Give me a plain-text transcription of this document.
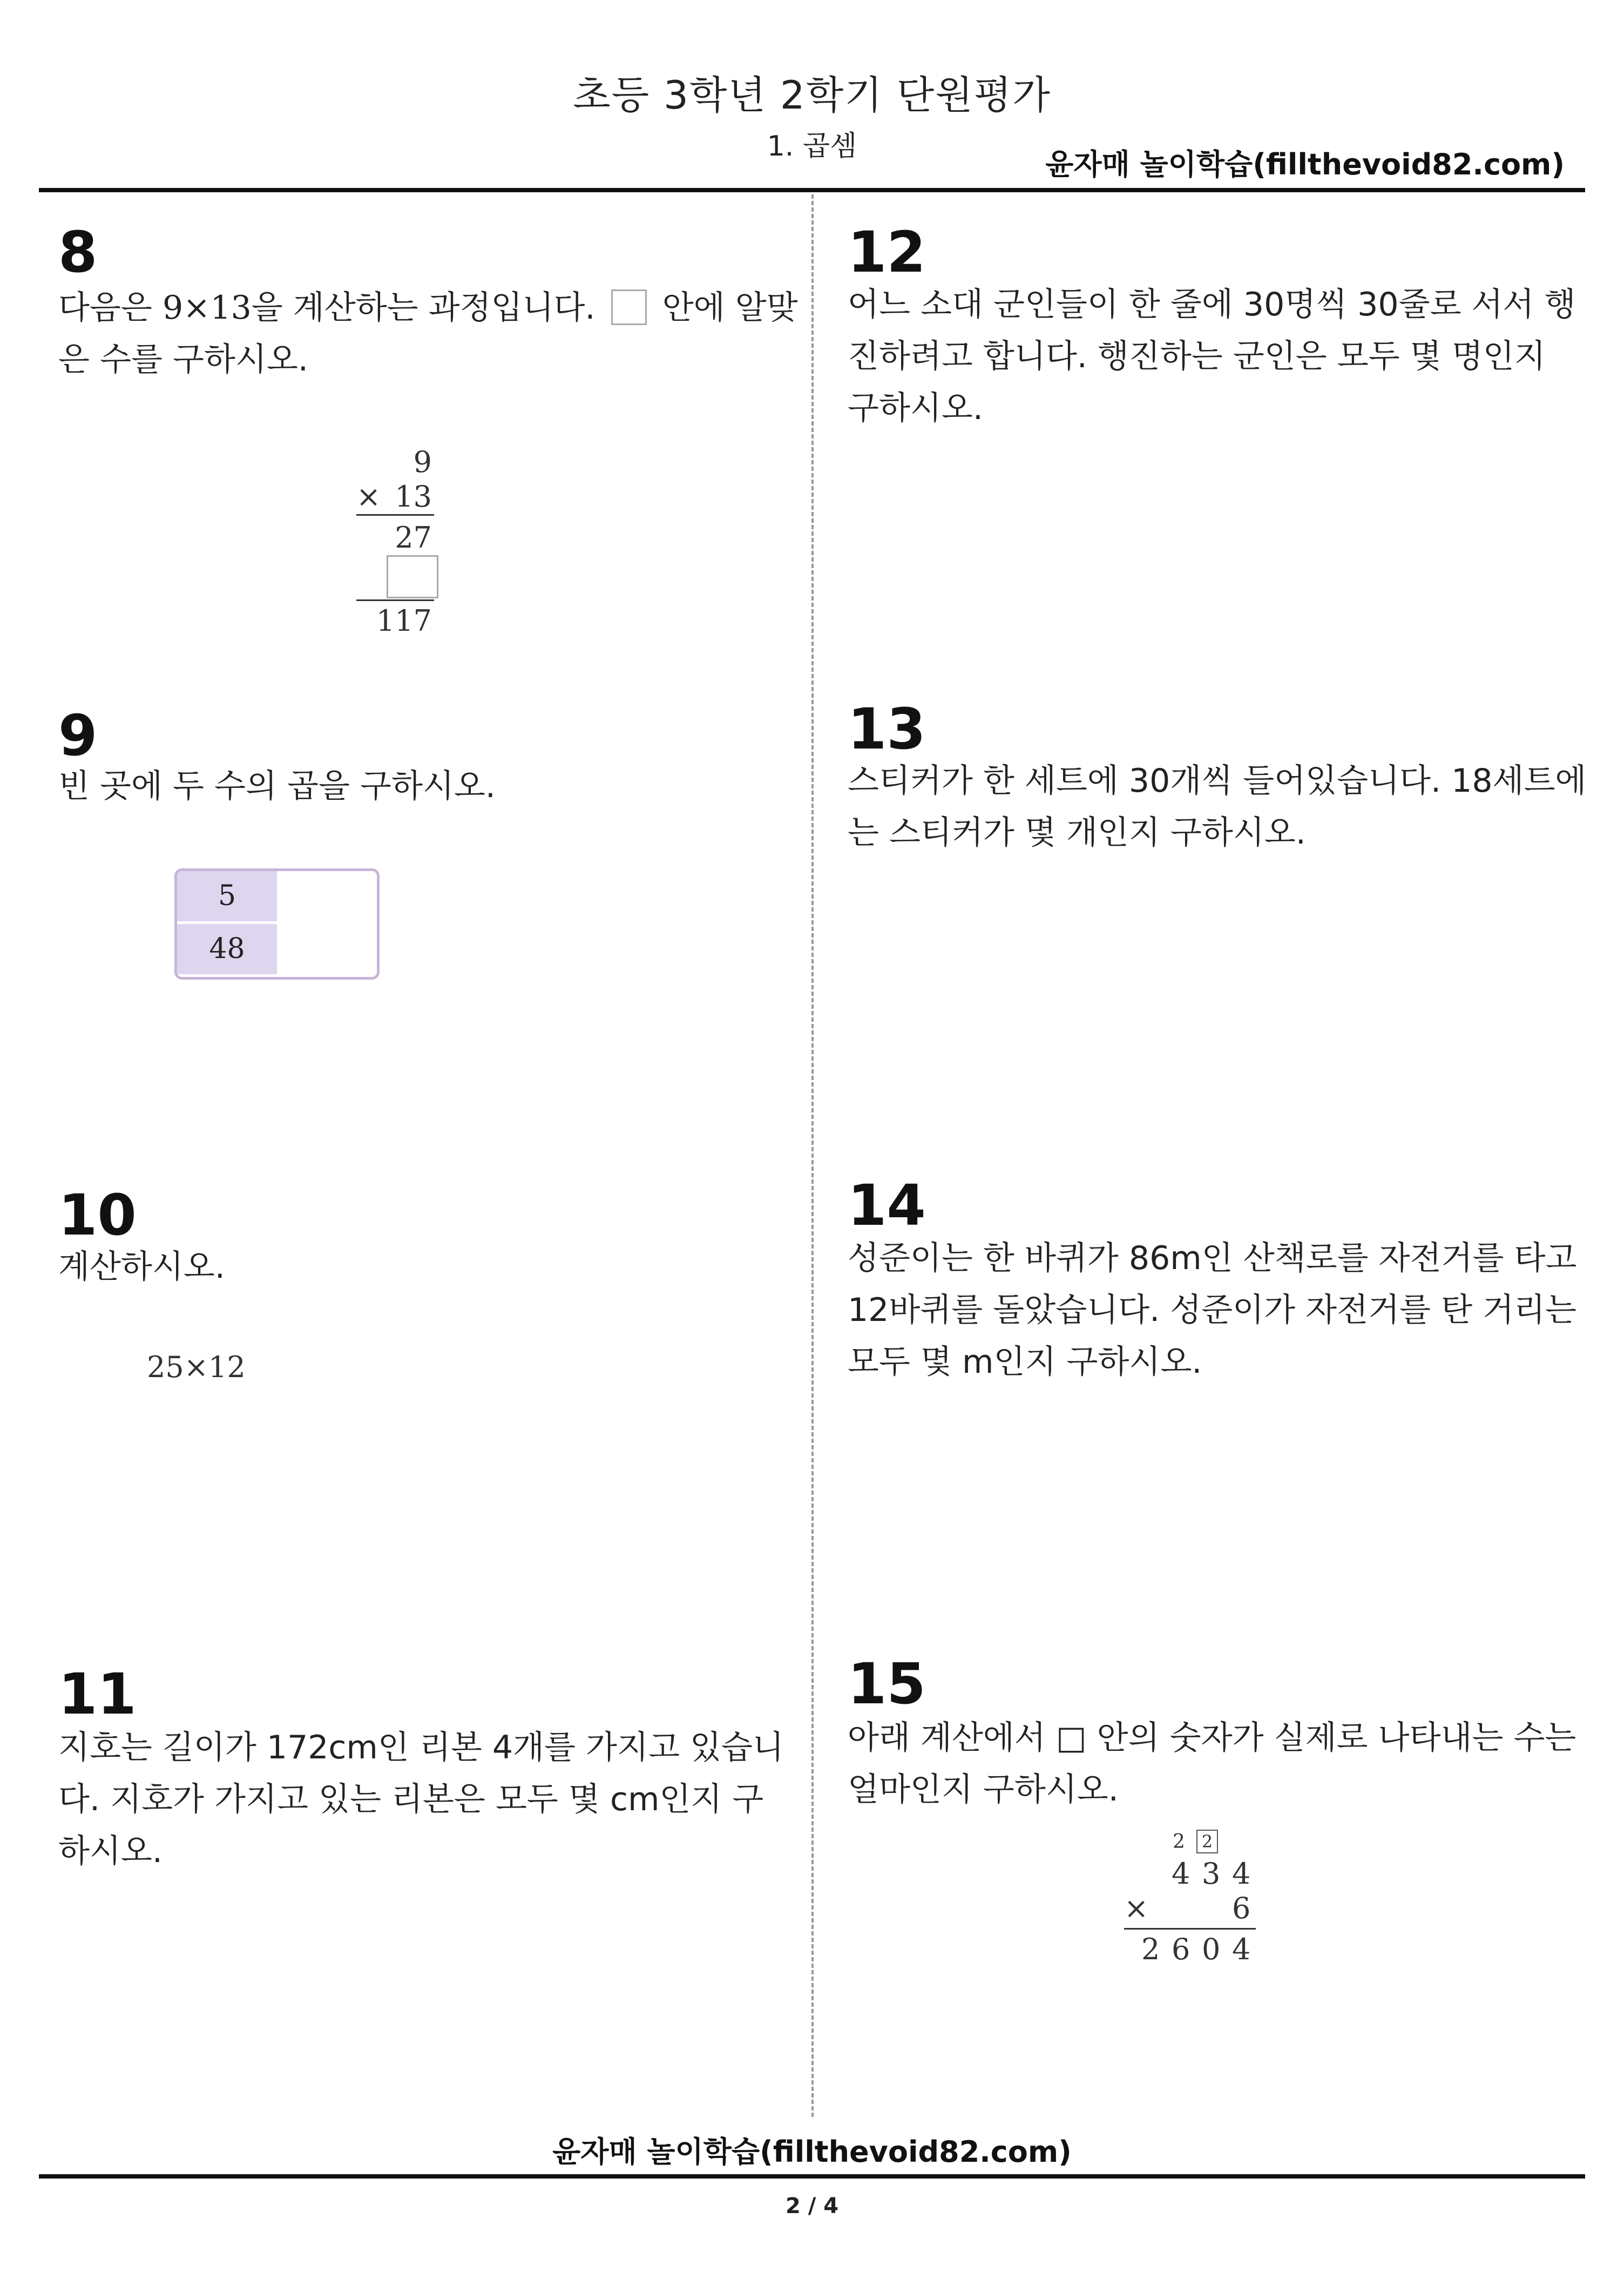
초등 3학년 2학기 단원평가
1. 곱셈
윤자매 놀이학습(fillthevoid82.com)
8
다음은 9×13을 계산하는 과정입니다. 안에 알맞
은 수를 구하시오.
9
× 13
27
117
9
빈 곳에 두 수의 곱을 구하시오.
5
48
10
계산하시오.
25×12
11
지호는 길이가 172cm인 리본 4개를 가지고 있습니
다. 지호가 가지고 있는 리본은 모두 몇 cm인지 구
하시오.
12
어느 소대 군인들이 한 줄에 30명씩 30줄로 서서 행
진하려고 합니다. 행진하는 군인은 모두 몇 명인지
구하시오.
13
스티커가 한 세트에 30개씩 들어있습니다. 18세트에
는 스티커가 몇 개인지 구하시오.
14
성준이는 한 바퀴가 86m인 산책로를 자전거를 타고
12바퀴를 돌았습니다. 성준이가 자전거를 탄 거리는
모두 몇 m인지 구하시오.
15
아래 계산에서 □ 안의 숫자가 실제로 나타내는 수는
얼마인지 구하시오.
2 2
4 3 4
×	6
2 6 0 4
윤자매 놀이학습(fillthevoid82.com)
2 / 4
